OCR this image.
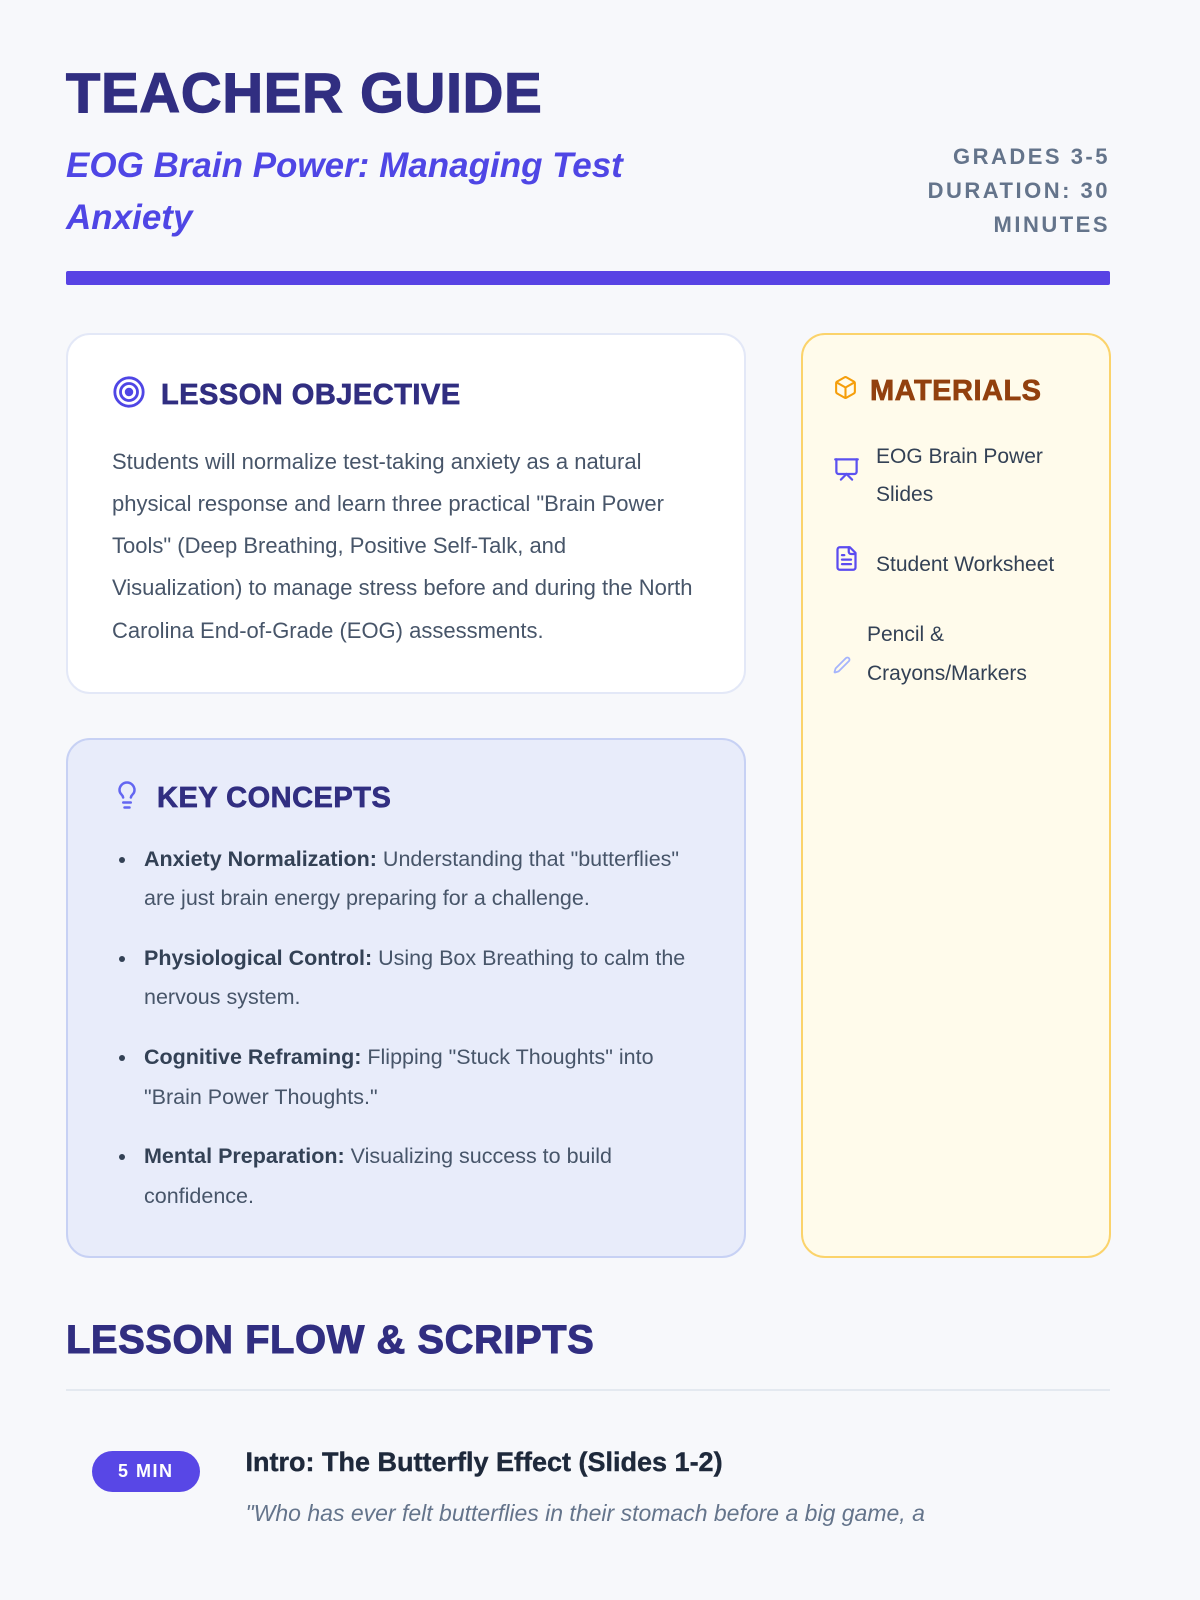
TEACHER GUIDE
EOG Brain Power: Managing Test Anxiety
GRADES 3-5
DURATION: 30 MINUTES
LESSON OBJECTIVE

Students will normalize test-taking anxiety as a natural physical response and learn three practical "Brain Power Tools" (Deep Breathing, Positive Self-Talk, and Visualization) to manage stress before and during the North Carolina End-of-Grade (EOG) assessments.

KEY CONCEPTS
• Anxiety Normalization: Understanding that "butterflies" are just brain energy preparing for a challenge.
• Physiological Control: Using Box Breathing to calm the nervous system.
• Cognitive Reframing: Flipping "Stuck Thoughts" into "Brain Power Thoughts."
• Mental Preparation: Visualizing success to build confidence.
MATERIALS
EOG Brain Power Slides
Student Worksheet
Pencil & Crayons/Markers
LESSON FLOW & SCRIPTS
5 MIN	Intro: The Butterfly Effect (Slides 1-2)
"Who has ever felt butterflies in their stomach before a big game, a
